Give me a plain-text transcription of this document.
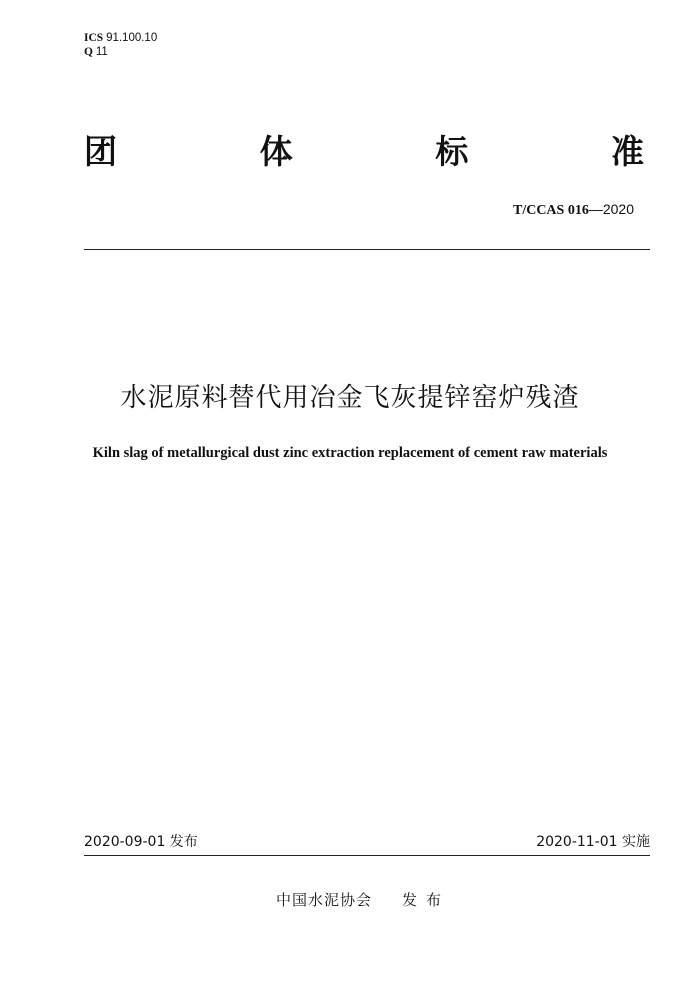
ICS 91.100.10
Q 11
团	体	标	准
T/CCAS 016—2020
水泥原料替代用冶金飞灰提锌窑炉残渣
Kiln slag of metallurgical dust zinc extraction replacement of cement raw materials
2020-09-01 发布	2020-11-01 实施
中国水泥协会 发布
